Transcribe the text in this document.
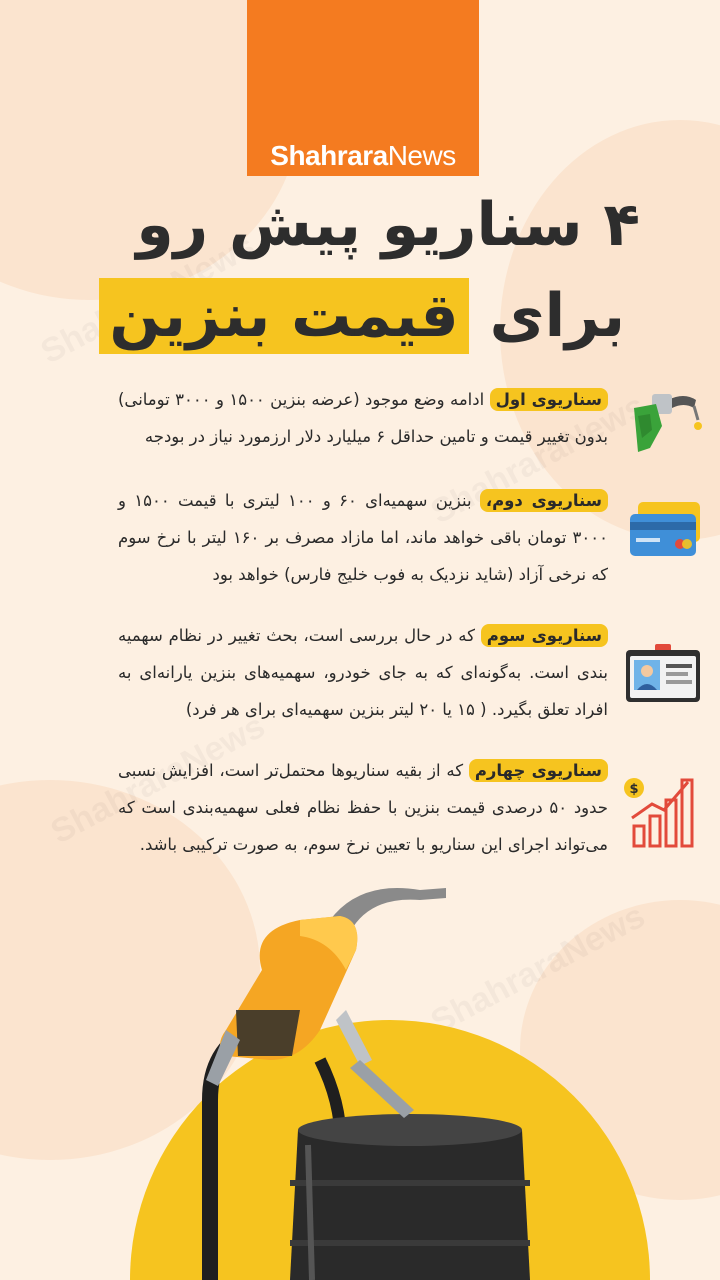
ShahraraNews
۴ سناریو پیش رو
برای قیمت بنزین
سناریوی اول ادامه وضع موجود (عرضه بنزین ۱۵۰۰ و ۳۰۰۰ تومانی) بدون تغییر قیمت و تامین حداقل ۶ میلیارد دلار ارزمورد نیاز در بودجه
سناریوی دوم، بنزین سهمیه‌ای ۶۰ و ۱۰۰ لیتری با قیمت ۱۵۰۰ و ۳۰۰۰ تومان باقی خواهد ماند، اما مازاد مصرف بر ۱۶۰ لیتر با نرخ سوم که نرخی آزاد (شاید نزدیک به فوب خلیج فارس) خواهد بود
سناریوی سوم که در حال بررسی است، بحث تغییر در نظام سهمیه بندی است. به‌گونه‌ای که به جای خودرو، سهمیه‌های بنزین یارانه‌ای به افراد تعلق بگیرد. ( ۱۵ یا ۲۰ لیتر بنزین سهمیه‌ای برای هر فرد)
سناریوی چهارم که از بقیه سناریوها محتمل‌تر است، افزایش نسبی حدود ۵۰ درصدی قیمت بنزین با حفظ نظام فعلی سهمیه‌بندی است که می‌تواند اجرای این سناریو با تعیین نرخ سوم، به صورت ترکیبی باشد.
$
